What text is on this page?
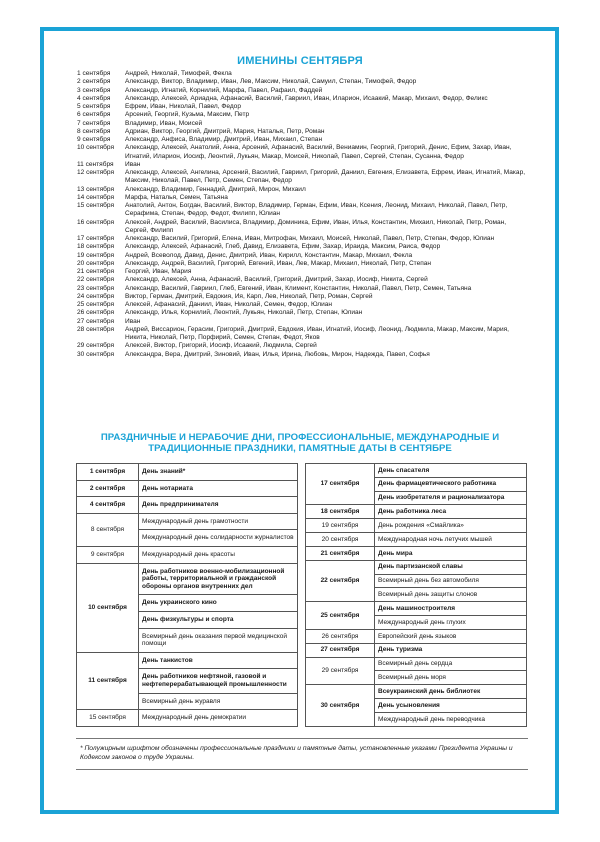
ИМЕНИНЫ СЕНТЯБРЯ
1 сентября	Андрей, Николай, Тимофей, Фекла
2 сентября	Александр, Виктор, Владимир, Иван, Лев, Максим, Николай, Самуил, Степан, Тимофей, Федор
3 сентября	Александр, Игнатий, Корнилий, Марфа, Павел, Рафаил, Фаддей
4 сентября	Александр, Алексей, Ариадна, Афанасий, Василий, Гавриил, Иван, Иларион, Исаакий, Макар, Михаил, Федор, Феликс
5 сентября	Ефрем, Иван, Николай, Павел, Федор
6 сентября	Арсений, Георгий, Кузьма, Максим, Петр
7 сентября	Владимир, Иван, Моисей
8 сентября	Адриан, Виктор, Георгий, Дмитрий, Мария, Наталья, Петр, Роман
9 сентября	Александр, Анфиса, Владимир, Дмитрий, Иван, Михаил, Степан
10 сентября	Александр, Алексей, Анатолий, Анна, Арсений, Афанасий, Василий, Вениамин, Георгий, Григорий, Денис, Ефим, Захар, Иван, Игнатий, Иларион, Иосиф, Леонтий, Лукьян, Макар, Моисей, Николай, Павел, Сергей, Степан, Сусанна, Федор
11 сентября	Иван
12 сентября	Александр, Алексей, Ангелина, Арсений, Василий, Гавриил, Григорий, Даниил, Евгения, Елизавета, Ефрем, Иван, Игнатий, Макар, Максим, Николай, Павел, Петр, Семен, Степан, Федор
13 сентября	Александр, Владимир, Геннадий, Дмитрий, Мирон, Михаил
14 сентября	Марфа, Наталья, Семен, Татьяна
15 сентября	Анатолий, Антон, Богдан, Василий, Виктор, Владимир, Герман, Ефим, Иван, Ксения, Леонид, Михаил, Николай, Павел, Петр, Серафима, Степан, Федор, Федот, Филипп, Юлиан
16 сентября	Алексей, Андрей, Василий, Василиса, Владимир, Доминика, Ефим, Иван, Илья, Константин, Михаил, Николай, Петр, Роман, Сергей, Филипп
17 сентября	Александр, Василий, Григорий, Елена, Иван, Митрофан, Михаил, Моисей, Николай, Павел, Петр, Степан, Федор, Юлиан
18 сентября	Александр, Алексей, Афанасий, Глеб, Давид, Елизавета, Ефим, Захар, Ираида, Максим, Раиса, Федор
19 сентября	Андрей, Всеволод, Давид, Денис, Дмитрий, Иван, Кирилл, Константин, Макар, Михаил, Фекла
20 сентября	Александр, Андрей, Василий, Григорий, Евгений, Иван, Лев, Макар, Михаил, Николай, Петр, Степан
21 сентября	Георгий, Иван, Мария
22 сентября	Александр, Алексей, Анна, Афанасий, Василий, Григорий, Дмитрий, Захар, Иосиф, Никита, Сергей
23 сентября	Александр, Василий, Гавриил, Глеб, Евгений, Иван, Климент, Константин, Николай, Павел, Петр, Семен, Татьяна
24 сентября	Виктор, Герман, Дмитрий, Евдокия, Ия, Карп, Лев, Николай, Петр, Роман, Сергей
25 сентября	Алексей, Афанасий, Даниил, Иван, Николай, Семен, Федор, Юлиан
26 сентября	Александр, Илья, Корнилий, Леонтий, Лукьян, Николай, Петр, Степан, Юлиан
27 сентября	Иван
28 сентября	Андрей, Виссарион, Герасим, Григорий, Дмитрий, Евдокия, Иван, Игнатий, Иосиф, Леонид, Людмила, Макар, Максим, Мария, Никита, Николай, Петр, Порфирий, Семен, Степан, Федот, Яков
29 сентября	Алексей, Виктор, Григорий, Иосиф, Исаакий, Людмила, Сергей
30 сентября	Александра, Вера, Дмитрий, Зиновий, Иван, Илья, Ирина, Любовь, Мирон, Надежда, Павел, Софья
ПРАЗДНИЧНЫЕ И НЕРАБОЧИЕ ДНИ, ПРОФЕССИОНАЛЬНЫЕ, МЕЖДУНАРОДНЫЕ И ТРАДИЦИОННЫЕ ПРАЗДНИКИ, ПАМЯТНЫЕ ДАТЫ В СЕНТЯБРЕ
1 сентября	День знаний*
2 сентября	День нотариата
4 сентября	День предпринимателя
8 сентября	Международный день грамотности
	Международный день солидарности журналистов
9 сентября	Международный день красоты
10 сентября	День работников военно-мобилизационной работы, территориальной и гражданской обороны органов внутренних дел
	День украинского кино
	День физкультуры и спорта
	Всемирный день оказания первой медицинской помощи
11 сентября	День танкистов
	День работников нефтяной, газовой и нефтеперерабатывающей промышленности
	Всемирный день журавля
15 сентября	Международный день демократии
17 сентября	День спасателя
	День фармацевтического работника
	День изобретателя и рационализатора
18 сентября	День работника леса
19 сентября	День рождения «Смайлика»
20 сентября	Международная ночь летучих мышей
21 сентября	День мира
22 сентября	День партизанской славы
	Всемирный день без автомобиля
	Всемирный день защиты слонов
25 сентября	День машиностроителя
	Международный день глухих
26 сентября	Европейский день языков
27 сентября	День туризма
29 сентября	Всемирный день сердца
	Всемирный день моря
30 сентября	Всеукраинский день библиотек
	День усыновления
	Международный день переводчика
* Полужирным шрифтом обозначены профессиональные праздники и памятные даты, установленные указами Президента Украины и Кодексом законов о труде Украины.
